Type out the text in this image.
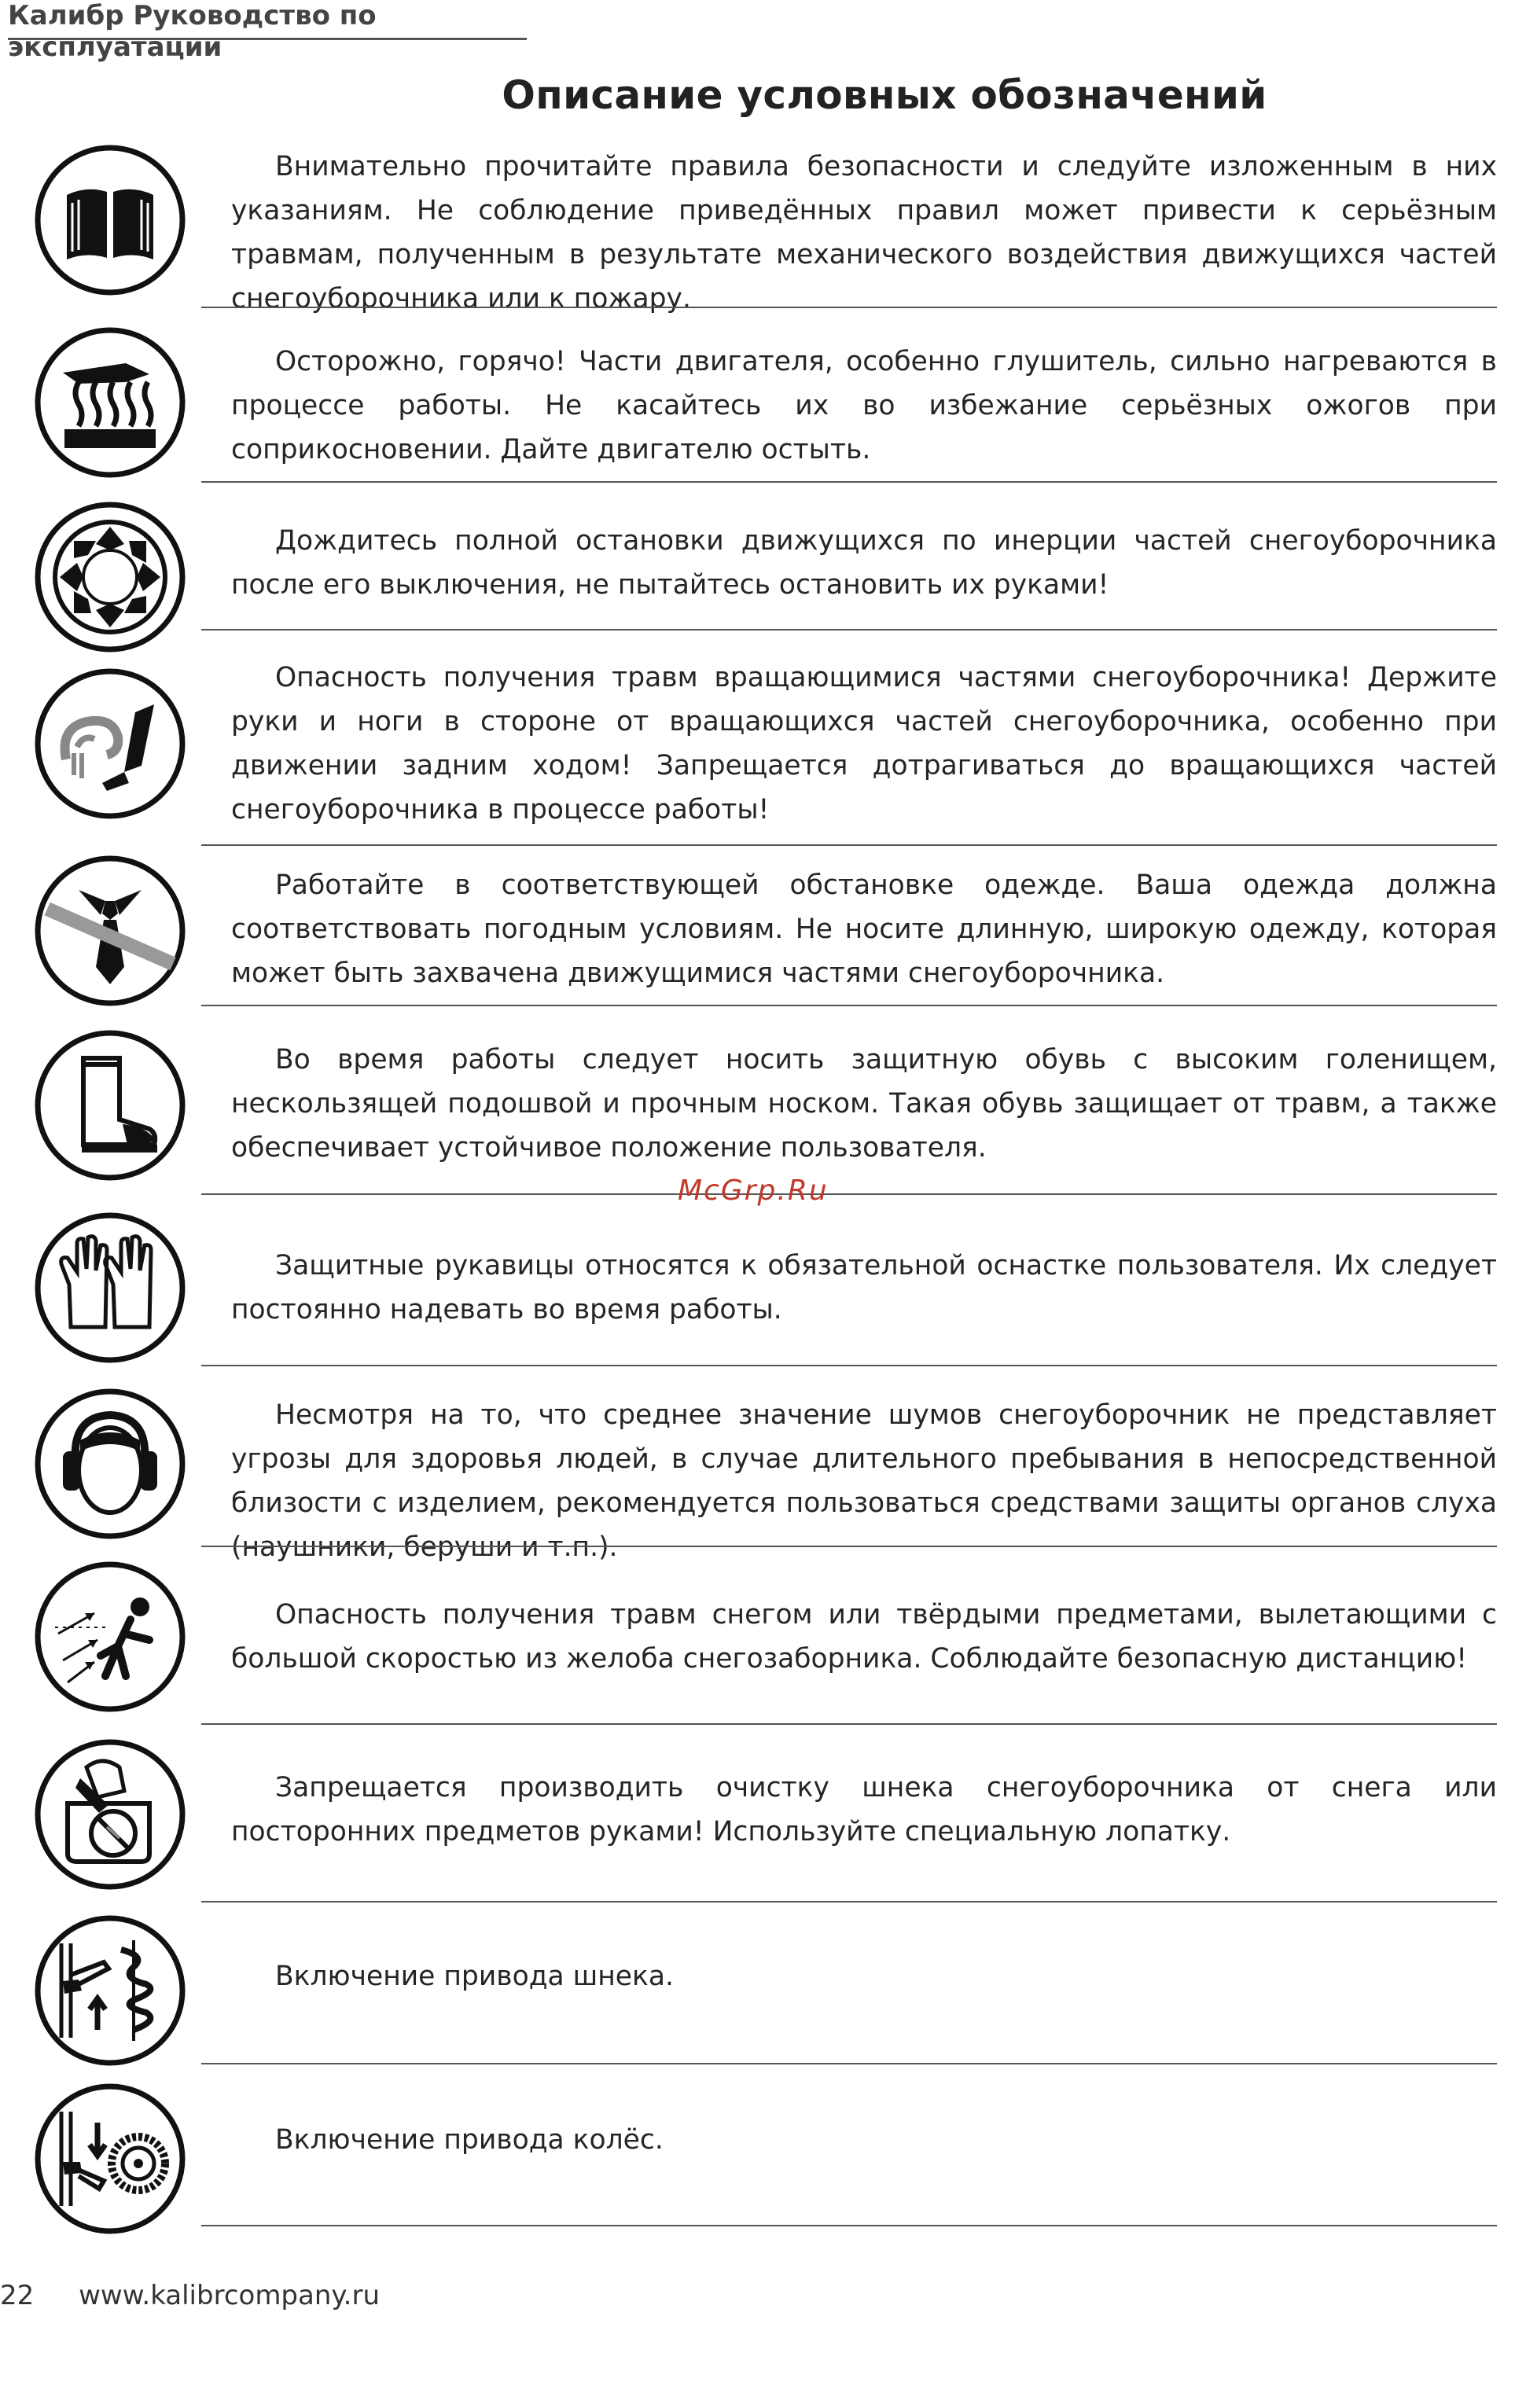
Калибр Руководство по эксплуатации
Описание условных обозначений
Внимательно прочитайте правила безопасности и следуйте изложенным в них указаниям. Не соблюдение приведённых правил может привести к серьёзным травмам, полученным в результате механического воздействия движущихся частей снегоуборочника или к пожару.
Осторожно, горячо! Части двигателя, особенно глушитель, сильно нагреваются в процессе работы. Не касайтесь их во избежание серьёзных ожогов при соприкосновении. Дайте двигателю остыть.
Дождитесь полной остановки движущихся по инерции частей снегоуборочника после его выключения, не пытайтесь остановить их руками!
Опасность получения травм вращающимися частями снегоуборочника! Держите руки и ноги в стороне от вращающихся частей снегоуборочника, особенно при движении задним ходом! Запрещается дотрагиваться до вращающихся частей снегоуборочника в процессе работы!
Работайте в соответствующей обстановке одежде. Ваша одежда должна соответствовать погодным условиям. Не носите длинную, широкую одежду, которая может быть захвачена движущимися частями снегоуборочника.
Во время работы следует носить защитную обувь с высоким голенищем, нескользящей подошвой и прочным носком. Такая обувь защищает от травм, а также обеспечивает устойчивое положение пользователя.
McGrp.Ru
Защитные рукавицы относятся к обязательной оснастке пользователя. Их следует постоянно надевать во время работы.
Несмотря на то, что среднее значение шумов снегоуборочник не представляет угрозы для здоровья людей, в случае длительного пребывания в непосредственной близости с изделием, рекомендуется пользоваться средствами защиты органов слуха (наушники, беруши и т.п.).
Опасность получения травм снегом или твёрдыми предметами, вылетающими с большой скоростью из желоба снегозаборника. Соблюдайте безопасную дистанцию!
Запрещается производить очистку шнека снегоуборочника от снега или посторонних предметов руками! Используйте специальную лопатку.
Включение привода шнека.
Включение привода колёс.
22 www.kalibrcompany.ru
